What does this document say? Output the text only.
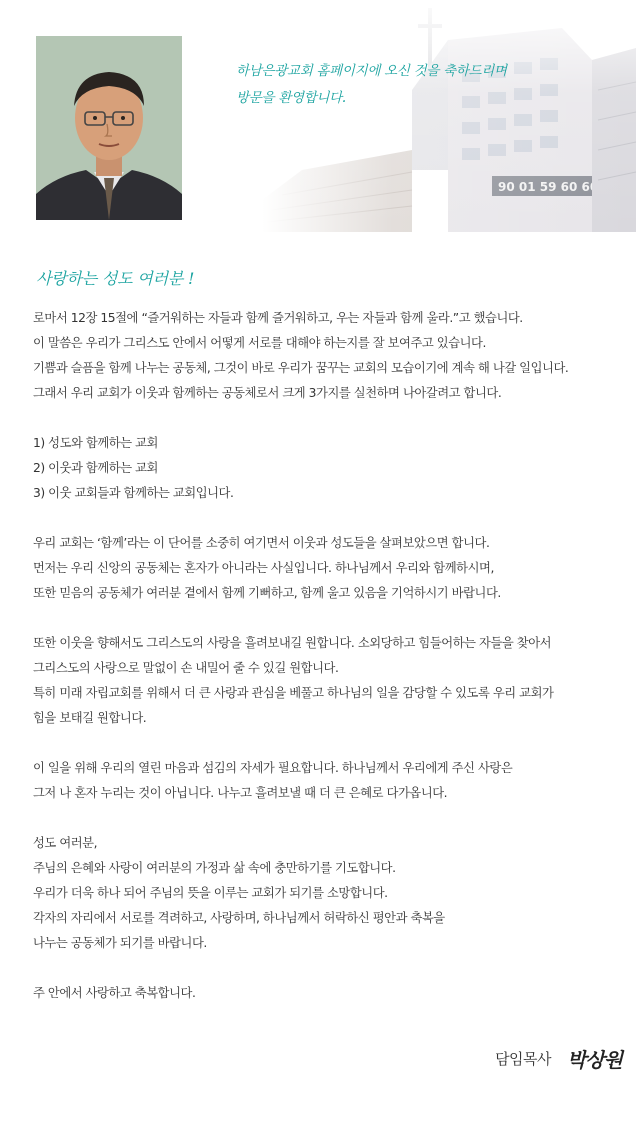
하남은광교회 홈페이지에 오신 것을 축하드리며
방문을 환영합니다.
사랑하는 성도 여러분 !

로마서 12장 15절에 “즐거워하는 자들과 함께 즐거워하고, 우는 자들과 함께 울라.”고 했습니다.

이 말씀은 우리가 그리스도 안에서 어떻게 서로를 대해야 하는지를 잘 보여주고 있습니다.

기쁨과 슬픔을 함께 나누는 공동체, 그것이 바로 우리가 꿈꾸는 교회의 모습이기에 계속 해 나갈 일입니다.

그래서 우리 교회가 이웃과 함께하는 공동체로서 크게 3가지를 실천하며 나아갈려고 합니다.

1) 성도와 함께하는 교회

2) 이웃과 함께하는 교회

3) 이웃 교회들과 함께하는 교회입니다.

우리 교회는 ‘함께’라는 이 단어를 소중히 여기면서 이웃과 성도들을 살펴보았으면 합니다.

먼저는 우리 신앙의 공동체는 혼자가 아니라는 사실입니다. 하나님께서 우리와 함께하시며,

또한 믿음의 공동체가 여러분 곁에서 함께 기뻐하고, 함께 울고 있음을 기억하시기 바랍니다.

또한 이웃을 향해서도 그리스도의 사랑을 흘려보내길 원합니다. 소외당하고 힘들어하는 자들을 찾아서

그리스도의 사랑으로 말없이 손 내밀어 줄 수 있길 원합니다.

특히 미래 자립교회를 위해서 더 큰 사랑과 관심을 베풀고 하나님의 일을 감당할 수 있도록 우리 교회가

힘을 보태길 원합니다.

이 일을 위해 우리의 열린 마음과 섬김의 자세가 필요합니다. 하나님께서 우리에게 주신 사랑은

그저 나 혼자 누리는 것이 아닙니다. 나누고 흘려보낼 때 더 큰 은혜로 다가옵니다.

성도 여러분,

주님의 은혜와 사랑이 여러분의 가정과 삶 속에 충만하기를 기도합니다.

우리가 더욱 하나 되어 주님의 뜻을 이루는 교회가 되기를 소망합니다.

각자의 자리에서 서로를 격려하고, 사랑하며, 하나님께서 허락하신 평안과 축복을

나누는 공동체가 되기를 바랍니다.

주 안에서 사랑하고 축복합니다.

담임목사 박상원
